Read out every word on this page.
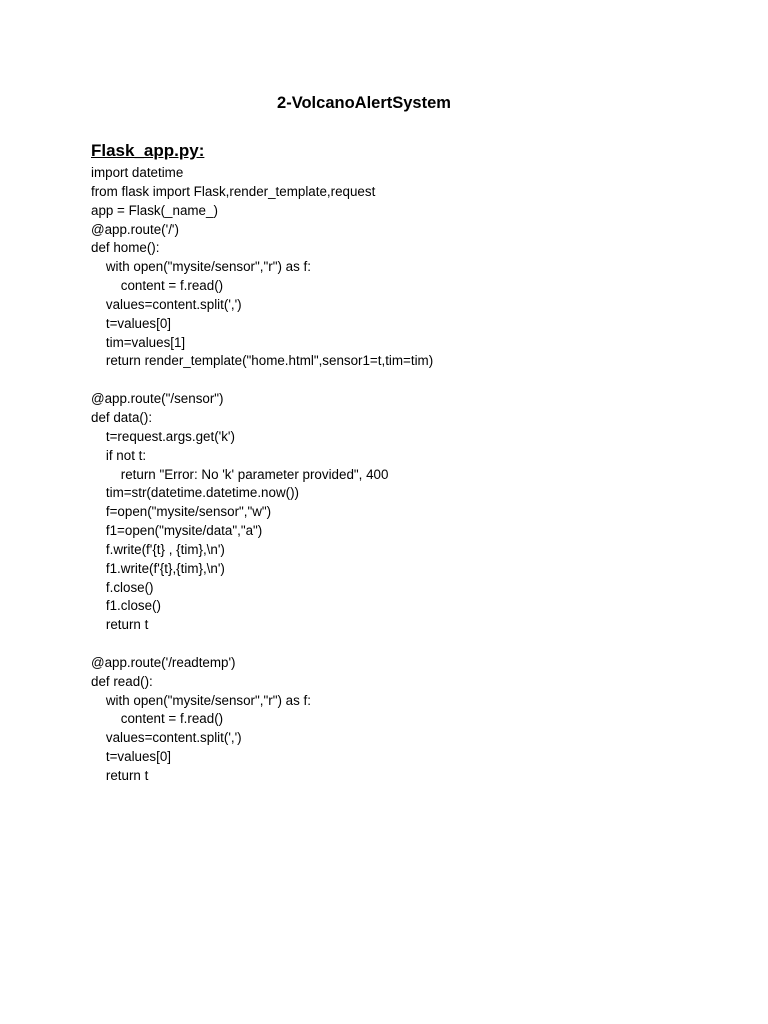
2-VolcanoAlertSystem
Flask_app.py:
import datetime
from flask import Flask,render_template,request
app = Flask(_name_)
@app.route('/')
def home():
with open("mysite/sensor","r") as f:
content = f.read()
values=content.split(',')
t=values[0]
tim=values[1]
return render_template("home.html",sensor1=t,tim=tim)
@app.route("/sensor")
def data():
t=request.args.get('k')
if not t:
return "Error: No 'k' parameter provided", 400
tim=str(datetime.datetime.now())
f=open("mysite/sensor","w")
f1=open("mysite/data","a")
f.write(f'{t} , {tim},\n')
f1.write(f'{t},{tim},\n')
f.close()
f1.close()
return t
@app.route('/readtemp')
def read():
with open("mysite/sensor","r") as f:
content = f.read()
values=content.split(',')
t=values[0]
return t
